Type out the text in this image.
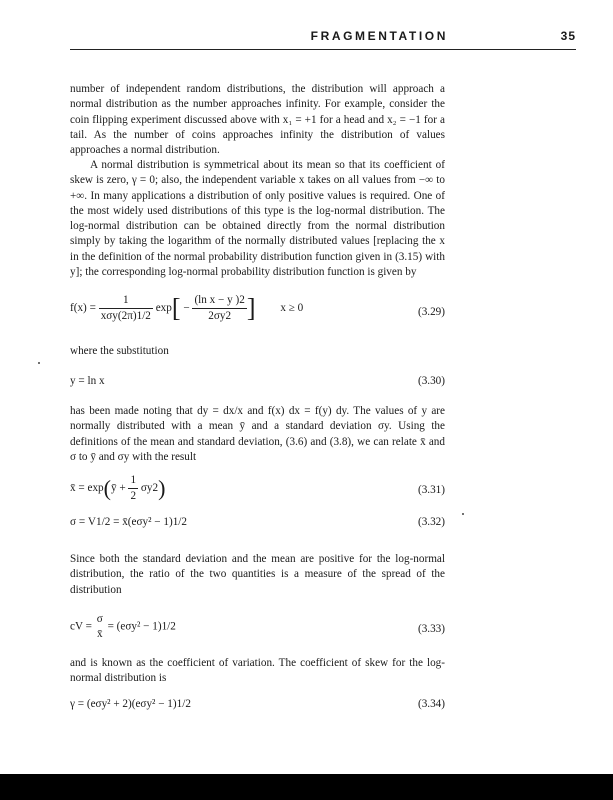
FRAGMENTATION	35

number of independent random distributions, the distribution will approach a normal distribution as the number approaches infinity. For example, consider the coin flipping experiment discussed above with x₁ = +1 for a head and x₂ = −1 for a tail. As the number of coins approaches infinity the distribution of values approaches a normal distribution.

A normal distribution is symmetrical about its mean so that its coefficient of skew is zero, γ = 0; also, the independent variable x takes on all values from −∞ to +∞. In many applications a distribution of only positive values is required. One of the most widely used distributions of this type is the log-normal distribution. The log-normal distribution can be obtained directly from the normal distribution simply by taking the logarithm of the normally distributed values [replacing the x in the definition of the normal probability distribution function given in (3.15) with y]; the corresponding log-normal probability distribution function is given by

$f(x) = \frac{1}{\text{xσy(2π)1/2}} \exp[ - \frac{\text{(ln x − y )2}}{2\sigma y2}$ ] x ≥ 0	(3.29)

where the substitution

y = ln x	(3.30)

has been made noting that dy = dx/x and f(x) dx = f(y) dy. The values of y are normally distributed with a mean ȳ and a standard deviation σy. Using the definitions of the mean and standard deviation, (3.6) and (3.8), we can relate x̄ and σ to ȳ and σy with the result

x̄ = exp(ȳ + $\frac{1}{2} \sigma y2$)	(3.31)
σ = V1/2 = x̄(eσy² − 1)1/2	(3.32)

Since both the standard deviation and the mean are positive for the log-normal distribution, the ratio of the two quantities is a measure of the spread of the distribution

cV =
σ
x̄
= (eσy² − 1)1/2	(3.33)

and is known as the coefficient of variation. The coefficient of skew for the log-normal distribution is

γ = (eσy² + 2)(eσy² − 1)1/2	(3.34)
